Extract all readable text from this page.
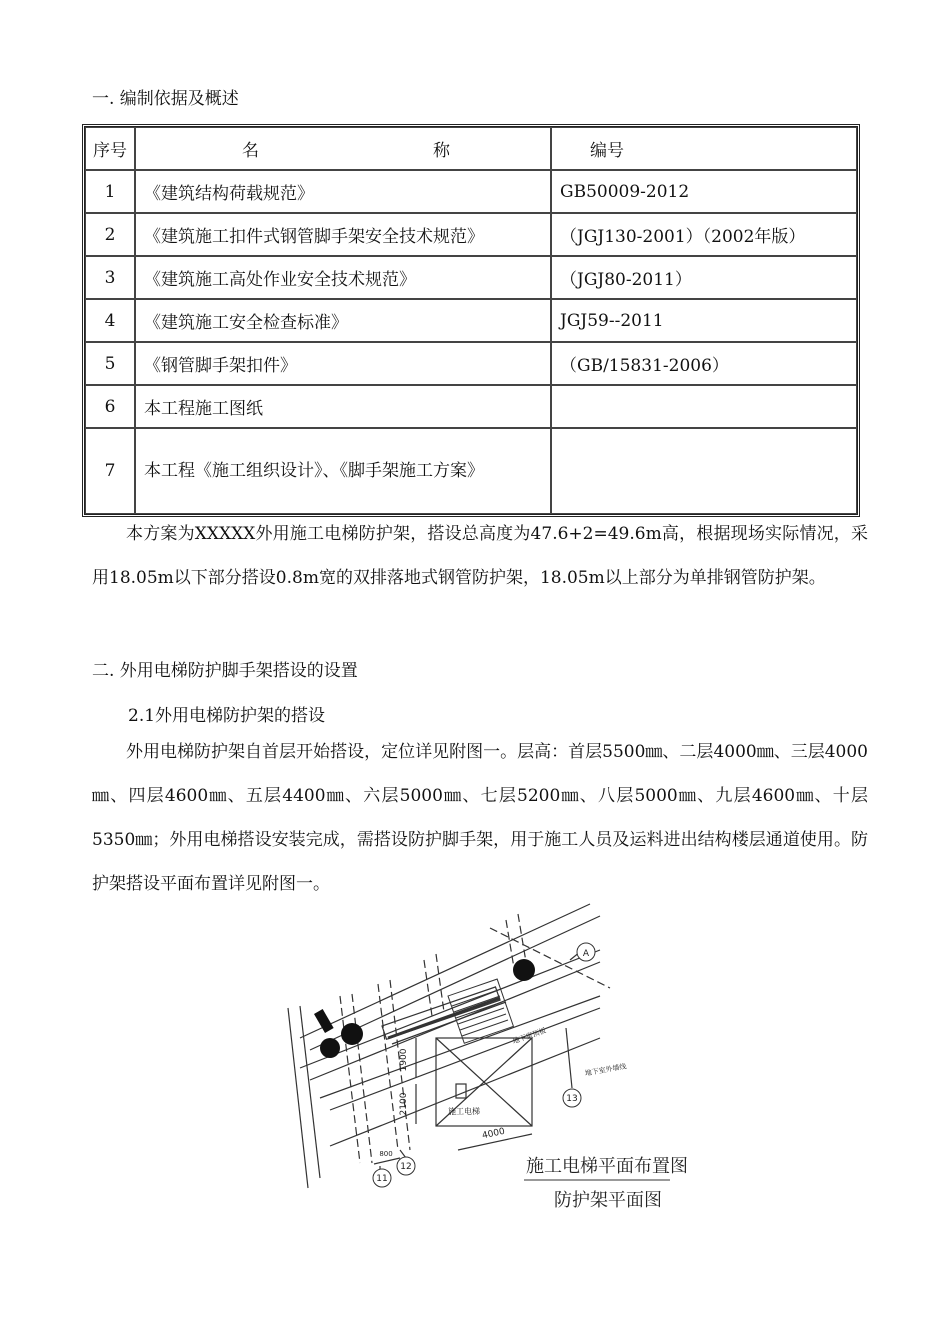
一. 编制依据及概述
序号	名 称	编号
1	《建筑结构荷载规范》	GB50009-2012
2	《建筑施工扣件式钢管脚手架安全技术规范》	（JGJ130-2001）（2002年版）
3	《建筑施工高处作业安全技术规范》	（JGJ80-2011）
4	《建筑施工安全检查标准》	JGJ59--2011
5	《钢管脚手架扣件》	（GB/15831-2006）
6	本工程施工图纸	
7	本工程《施工组织设计》、《脚手架施工方案》	
本方案为XXXXX外用施工电梯防护架，搭设总高度为47.6+2=49.6m高，根据现场实际情况，采用18.05m以下部分搭设0.8m宽的双排落地式钢管防护架，18.05m以上部分为单排钢管防护架。
二. 外用电梯防护脚手架搭设的设置
2.1外用电梯防护架的搭设
外用电梯防护架自首层开始搭设，定位详见附图一。层高：首层5500㎜、二层4000㎜、三层4000㎜、四层4600㎜、五层4400㎜、六层5000㎜、七层5200㎜、八层5000㎜、九层4600㎜、十层5350㎜；外用电梯搭设安装完成，需搭设防护脚手架，用于施工人员及运料进出结构楼层通道使用。防护架搭设平面布置详见附图一。
A
11
12
13
1900
2100
4000
800
施工电梯
地下室顶板
地下室外墙线
施工电梯平面布置图
防护架平面图
